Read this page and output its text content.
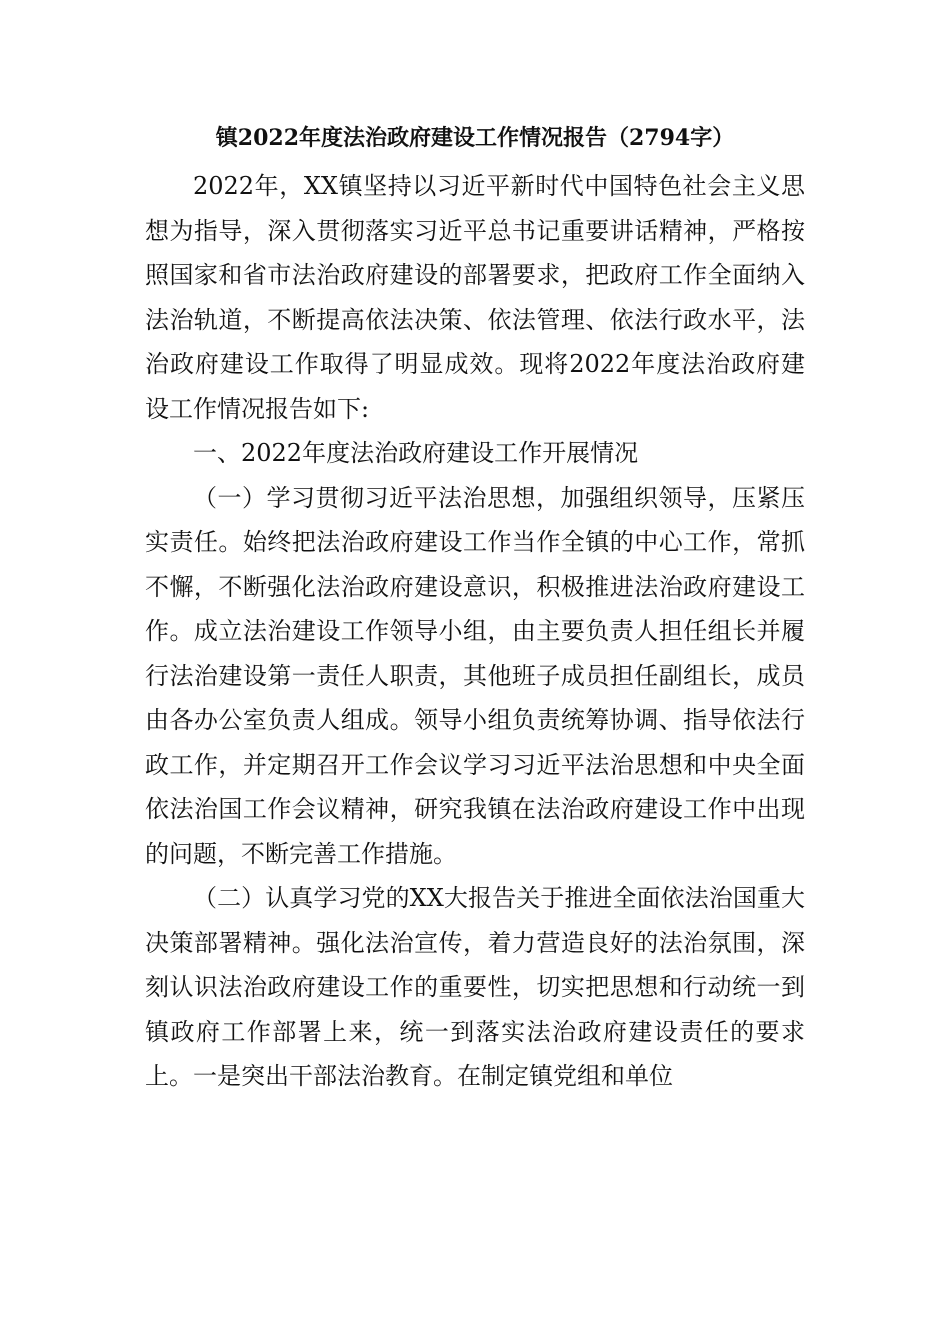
镇2022年度法治政府建设工作情况报告（2794字）

2022年，XX镇坚持以习近平新时代中国特色社会主义思想为指导，深入贯彻落实习近平总书记重要讲话精神，严格按照国家和省市法治政府建设的部署要求，把政府工作全面纳入法治轨道，不断提高依法决策、依法管理、依法行政水平，法治政府建设工作取得了明显成效。现将2022年度法治政府建设工作情况报告如下:

一、2022年度法治政府建设工作开展情况

（一）学习贯彻习近平法治思想，加强组织领导，压紧压实责任。始终把法治政府建设工作当作全镇的中心工作，常抓不懈，不断强化法治政府建设意识，积极推进法治政府建设工作。成立法治建设工作领导小组，由主要负责人担任组长并履行法治建设第一责任人职责，其他班子成员担任副组长，成员由各办公室负责人组成。领导小组负责统筹协调、指导依法行政工作，并定期召开工作会议学习习近平法治思想和中央全面依法治国工作会议精神，研究我镇在法治政府建设工作中出现的问题，不断完善工作措施。

（二）认真学习党的XX大报告关于推进全面依法治国重大决策部署精神。强化法治宣传，着力营造良好的法治氛围，深刻认识法治政府建设工作的重要性，切实把思想和行动统一到镇政府工作部署上来，统一到落实法治政府建设责任的要求上。一是突出干部法治教育。在制定镇党组和单位
